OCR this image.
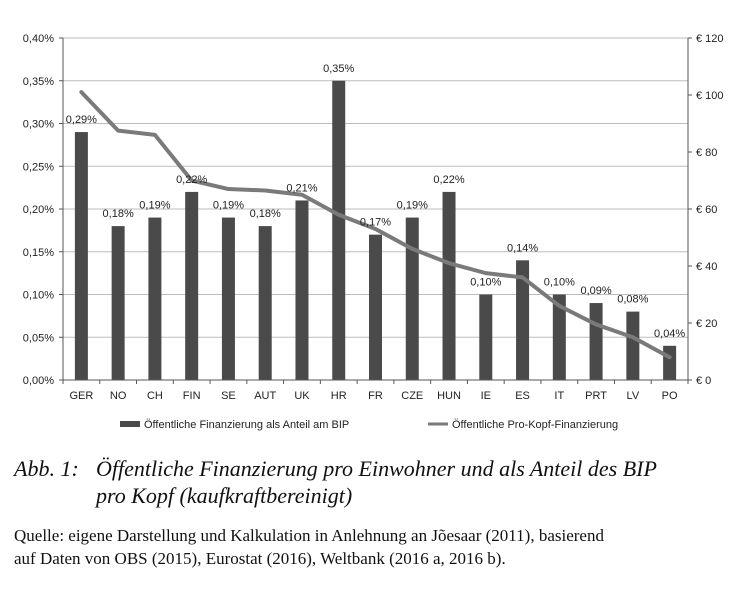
0,00%
0,05%
0,10%
0,15%
0,20%
0,25%
0,30%
0,35%
0,40%
€ 0
€ 20
€ 40
€ 60
€ 80
€ 100
€ 120
GER NO CH FIN SE AUT UK HR FR CZE HUN IE ES IT PRT LV PO
0,29%
0,18%
0,19%
0,22%
0,19%
0,18%
0,21%
0,35%
0,17%
0,19%
0,22%
0,10%
0,14%
0,10%
0,09%
0,08%
0,04%
Öffentliche Finanzierung als Anteil am BIP	Öffentliche Pro-Kopf-Finanzierung
Abb. 1: Öffentliche Finanzierung pro Einwohner und als Anteil des BIP
pro Kopf (kaufkraftbereinigt)
Quelle: eigene Darstellung und Kalkulation in Anlehnung an Jõesaar (2011), basierend
auf Daten von OBS (2015), Eurostat (2016), Weltbank (2016 a, 2016 b).
